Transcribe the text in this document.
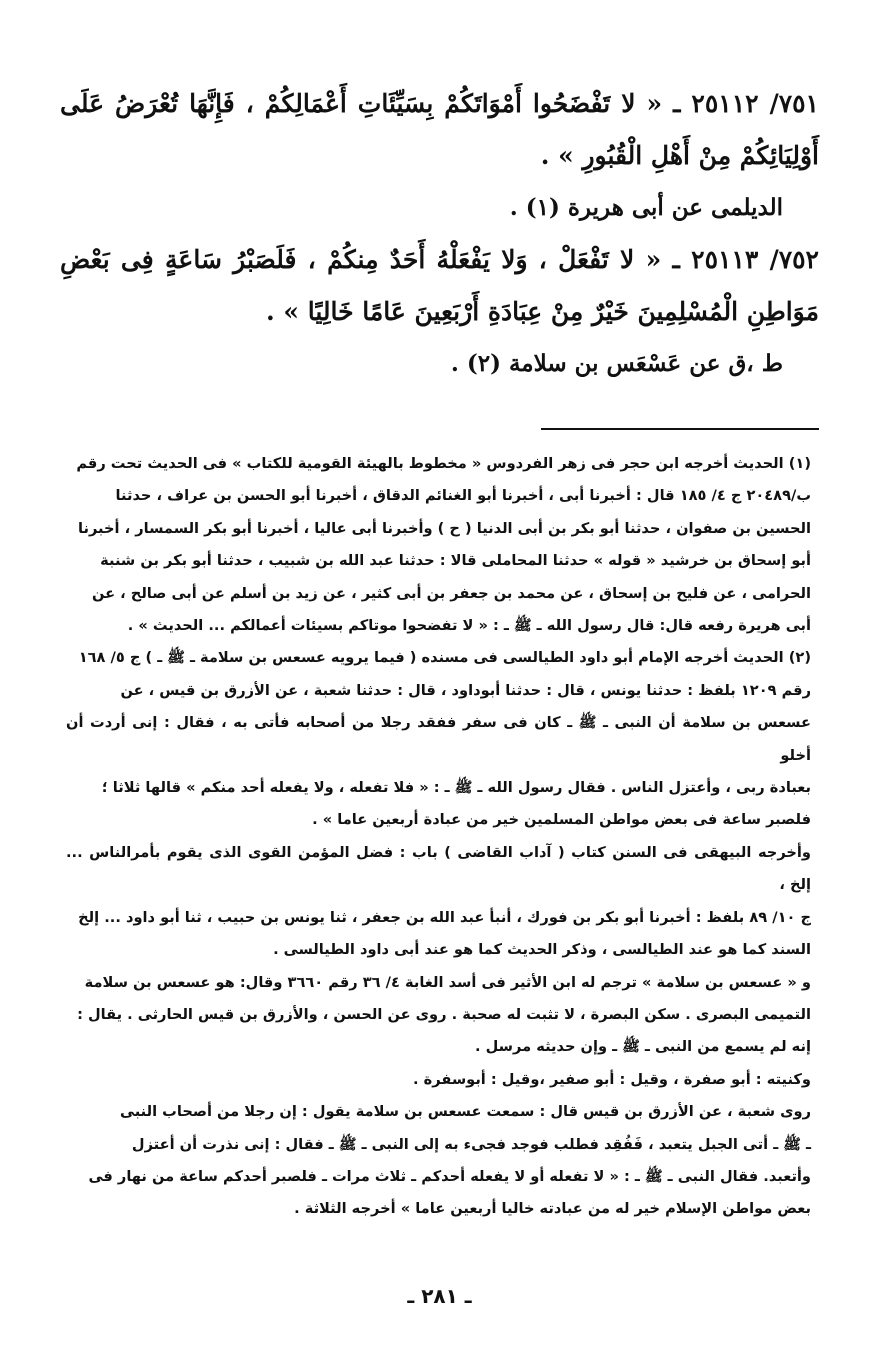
٧٥١/ ٢٥١١٢ ـ « لا تَفْضَحُوا أَمْوَاتَكُمْ بِسَيِّئَاتِ أَعْمَالِكُمْ ، فَإِنَّهَا تُعْرَضُ عَلَى أَوْلِيَائِكُمْ مِنْ أَهْلِ الْقُبُورِ » .

الديلمى عن أبى هريرة (١) .

٧٥٢/ ٢٥١١٣ ـ « لا تَفْعَلْ ، وَلا يَفْعَلْهُ أَحَدٌ مِنكُمْ ، فَلَصَبْرُ سَاعَةٍ فِى بَعْضِ مَوَاطِنِ الْمُسْلِمِينَ خَيْرٌ مِنْ عِبَادَةِ أَرْبَعِينَ عَامًا خَالِيًا » .

ط ،ق عن عَسْعَس بن سلامة (٢) .

(١) الحديث أخرجه ابن حجر فى زهر الفردوس « مخطوط بالهيئة القومية للكتاب » فى الحديث تحت رقم

ب/٢٠٤٨٩ ج ٤/ ١٨٥ قال : أخبرنا أبى ، أخبرنا أبو الغنائم الدقاق ، أخبرنا أبو الحسن بن عراف ، حدثنا

الحسين بن صفوان ، حدثنا أبو بكر بن أبى الدنيا ( ح ) وأخبرنا أبى عاليا ، أخبرنا أبو بكر السمسار ، أخبرنا

أبو إسحاق بن خرشيد « قوله » حدثنا المحاملى قالا : حدثنا عبد الله بن شبيب ، حدثنا أبو بكر بن شنبة

الحرامى ، عن فليح بن إسحاق ، عن محمد بن جعفر بن أبى كثير ، عن زيد بن أسلم عن أبى صالح ، عن

أبى هريرة رفعه قال: قال رسول الله ـ ﷺ ـ : « لا تفضحوا موتاكم بسيئات أعمالكم ... الحديث » .

(٢) الحديث أخرجه الإمام أبو داود الطيالسى فى مسنده ( فيما يرويه عسعس بن سلامة ـ ﷺ ـ ) ج ٥/ ١٦٨

رقم ١٢٠٩ بلفظ : حدثنا يونس ، قال : حدثنا أبوداود ، قال : حدثنا شعبة ، عن الأزرق بن قيس ، عن

عسعس بن سلامة أن النبى ـ ﷺ ـ كان فى سفر ففقد رجلا من أصحابه فأتى به ، فقال : إنى أردت أن أخلو

بعبادة ربى ، وأعتزل الناس . فقال رسول الله ـ ﷺ ـ : « فلا تفعله ، ولا يفعله أحد منكم » قالها ثلاثا ؛

فلصبر ساعة فى بعض مواطن المسلمين خير من عبادة أربعين عاما » .

وأخرجه البيهقى فى السنن كتاب ( آداب القاضى ) باب : فضل المؤمن القوى الذى يقوم بأمرالناس ... إلخ ،

ج ١٠/ ٨٩ بلفظ : أخبرنا أبو بكر بن فورك ، أنبأ عبد الله بن جعفر ، ثنا يونس بن حبيب ، ثنا أبو داود ... إلخ

السند كما هو عند الطيالسى ، وذكر الحديث كما هو عند أبى داود الطيالسى .

و « عسعس بن سلامة » ترجم له ابن الأثير فى أسد الغابة ٤/ ٣٦ رقم ٣٦٦٠ وقال: هو عسعس بن سلامة

التميمى البصرى . سكن البصرة ، لا تثبت له صحبة . روى عن الحسن ، والأزرق بن قيس الحارثى . يقال :

إنه لم يسمع من النبى ـ ﷺ ـ وإن حديثه مرسل .

وكنيته : أبو صفرة ، وقيل : أبو صفير ،وقيل : أبوسفرة .

روى شعبة ، عن الأزرق بن قيس قال : سمعت عسعس بن سلامة يقول : إن رجلا من أصحاب النبى

ـ ﷺ ـ أتى الجبل يتعبد ، فَفُقِد فطلب فوجد فجىء به إلى النبى ـ ﷺ ـ فقال : إنى نذرت أن أعتزل

وأتعبد. فقال النبى ـ ﷺ ـ : « لا تفعله أو لا يفعله أحدكم ـ ثلاث مرات ـ فلصبر أحدكم ساعة من نهار فى

بعض مواطن الإسلام خير له من عبادته خاليا أربعين عاما » أخرجه الثلاثة .

ـ ٢٨١ ـ
